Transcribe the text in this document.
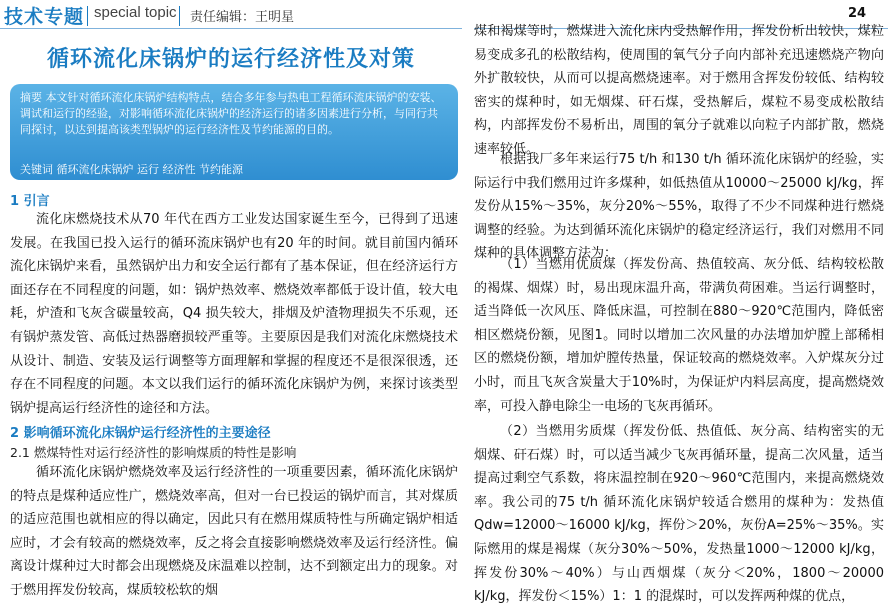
技术专题 special topic 责任编辑：王明星	24
循环流化床锅炉的运行经济性及对策
摘要 本文针对循环流化床锅炉结构特点，结合多年参与热电工程循环流床锅炉的安装、调试和运行的经验，对影响循环流化床锅炉的经济运行的诸多因素进行分析，与同行共同探讨，以达到提高该类型锅炉的运行经济性及节约能源的目的。
关键词 循环流化床锅炉 运行 经济性 节约能源
1 引言
流化床燃烧技术从70 年代在西方工业发达国家诞生至今，已得到了迅速发展。在我国已投入运行的循环流床锅炉也有20 年的时间。就目前国内循环流化床锅炉来看，虽然锅炉出力和安全运行都有了基本保证，但在经济运行方面还存在不同程度的问题，如：锅炉热效率、燃烧效率都低于设计值，较大电耗，炉渣和飞灰含碳量较高，Q4 损失较大，排烟及炉渣物理损失不乐观，还有锅炉蒸发管、高低过热器磨损较严重等。主要原因是我们对流化床燃烧技术从设计、制造、安装及运行调整等方面理解和掌握的程度还不是很深很透，还存在不同程度的问题。本文以我们运行的循环流化床锅炉为例，来探讨该类型锅炉提高运行经济性的途径和方法。
2 影响循环流化床锅炉运行经济性的主要途径
2.1 燃煤特性对运行经济性的影响煤质的特性是影响
循环流化床锅炉燃烧效率及运行经济性的一项重要因素，循环流化床锅炉的特点是煤种适应性广，燃烧效率高，但对一台已投运的锅炉而言，其对煤质的适应范围也就相应的得以确定，因此只有在燃用煤质特性与所确定锅炉相适应时，才会有较高的燃烧效率，反之将会直接影响燃烧效率及运行经济性。偏离设计煤种过大时都会出现燃烧及床温难以控制，达不到额定出力的现象。对于燃用挥发份较高，煤质较松软的烟
煤和褐煤等时，燃煤进入流化床内受热解作用，挥发份析出较快，煤粒易变成多孔的松散结构，使周围的氧气分子向内部补充迅速燃烧产物向外扩散较快，从而可以提高燃烧速率。对于燃用含挥发份较低、结构较密实的煤种时，如无烟煤、矸石煤，受热解后，煤粒不易变成松散结构，内部挥发份不易析出，周围的氧分子就难以向粒子内部扩散，燃烧速率较低。
根据我厂多年来运行75 t/h 和130 t/h 循环流化床锅炉的经验，实际运行中我们燃用过许多煤种，如低热值从10000～25000 kJ/kg，挥发份从15%～35%，灰分20%～55%，取得了不少不同煤种进行燃烧调整的经验。为达到循环流化床锅炉的稳定经济运行，我们对燃用不同煤种的具体调整方法为：
（1）当燃用优质煤（挥发份高、热值较高、灰分低、结构较松散的褐煤、烟煤）时，易出现床温升高，带满负荷困难。当运行调整时，适当降低一次风压、降低床温，可控制在880～920℃范围内，降低密相区燃烧份额，见图1。同时以增加二次风量的办法增加炉膛上部稀相区的燃烧份额，增加炉膛传热量，保证较高的燃烧效率。入炉煤灰分过小时，而且飞灰含炭量大于10%时，为保证炉内料层高度，提高燃烧效率，可投入静电除尘一电场的飞灰再循环。
（2）当燃用劣质煤（挥发份低、热值低、灰分高、结构密实的无烟煤、矸石煤）时，可以适当减少飞灰再循环量，提高二次风量，适当提高过剩空气系数，将床温控制在920～960℃范围内，来提高燃烧效率。我公司的75 t/h 循环流化床锅炉较适合燃用的煤种为：发热值Qdw=12000～16000 kJ/kg，挥份＞20%，灰份A=25%～35%。实际燃用的煤是褐煤（灰分30%～50%，发热量1000～12000 kJ/kg，挥发份30%～40%）与山西烟煤（灰分＜20%，1800～20000 kJ/kg，挥发份＜15%）1：1 的混煤时，可以发挥两种煤的优点，
